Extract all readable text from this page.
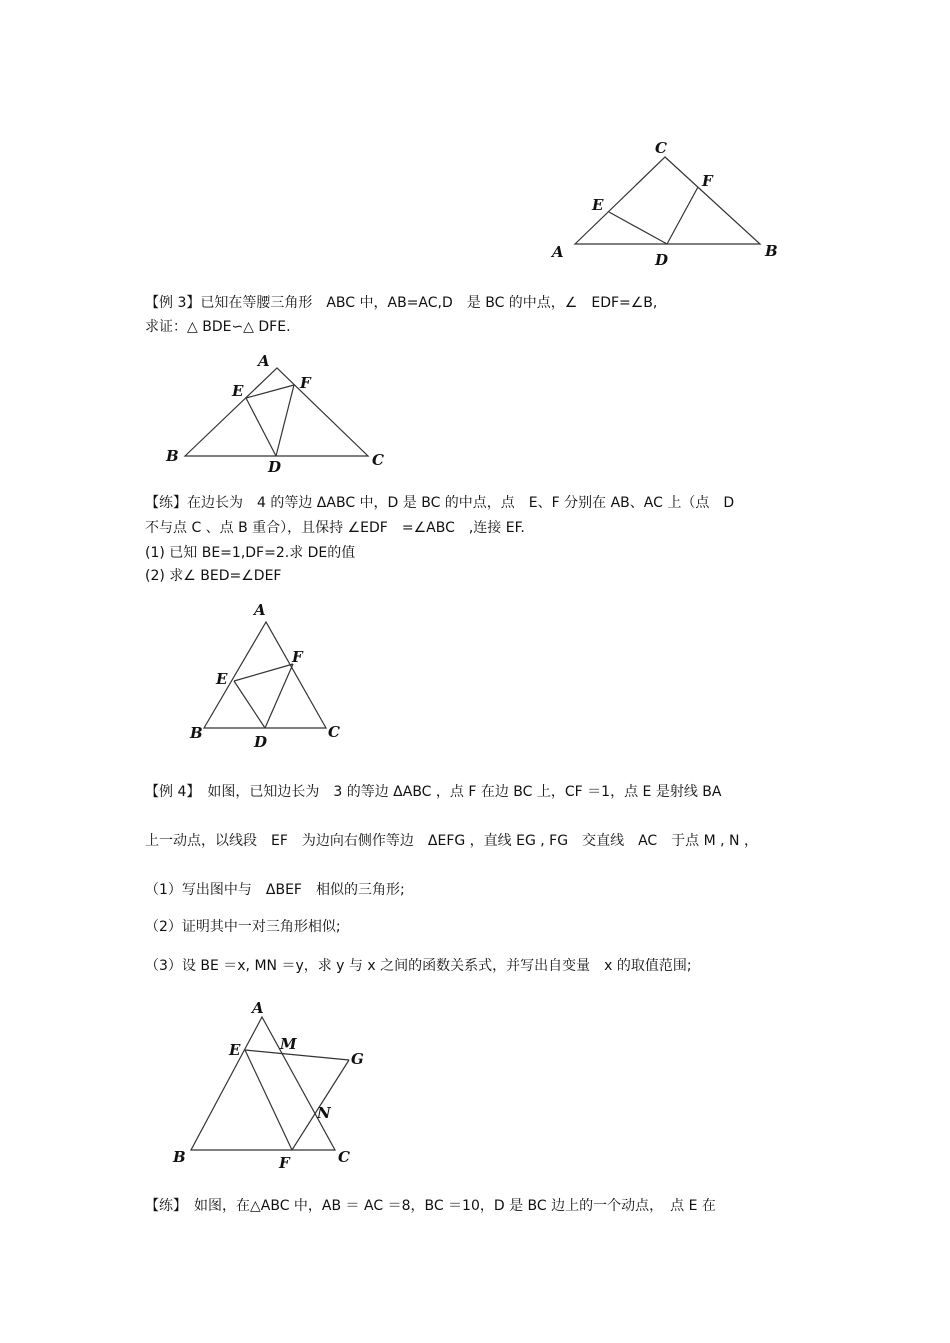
C
F
E
A	D	B
【例 3】已知在等腰三角形　ABC 中，AB=AC,D　是 BC 的中点，∠　EDF=∠B,
求证：△ BDE∽△ DFE.
A
E	F
B
D	C
【练】在边长为　4 的等边 ΔABC 中，D 是 BC 的中点，点　E、F 分别在 AB、AC 上（点　D
不与点 C 、点 B 重合），且保持 ∠EDF　=∠ABC　,连接 EF.
(1) 已知 BE=1,DF=2.求 DE的值
(2) 求∠ BED=∠DEF
A
F
E
B	D
C
【例 4】　如图，已知边长为　3 的等边 ΔABC ，点 F 在边 BC 上，CF ＝1，点 E 是射线 BA
上一动点，以线段　EF　为边向右侧作等边　ΔEFG ，直线 EG , FG　交直线　AC　于点 M , N ，
（1）写出图中与　ΔBEF　相似的三角形;
（2）证明其中一对三角形相似;
（3）设 BE ＝x, MN ＝y，求 y 与 x 之间的函数关系式，并写出自变量　x 的取值范围;
A
M
E	G
N
B	F	C
【练】　如图，在△ABC 中，AB ＝ AC ＝8，BC ＝10，D 是 BC 边上的一个动点，　点 E 在
